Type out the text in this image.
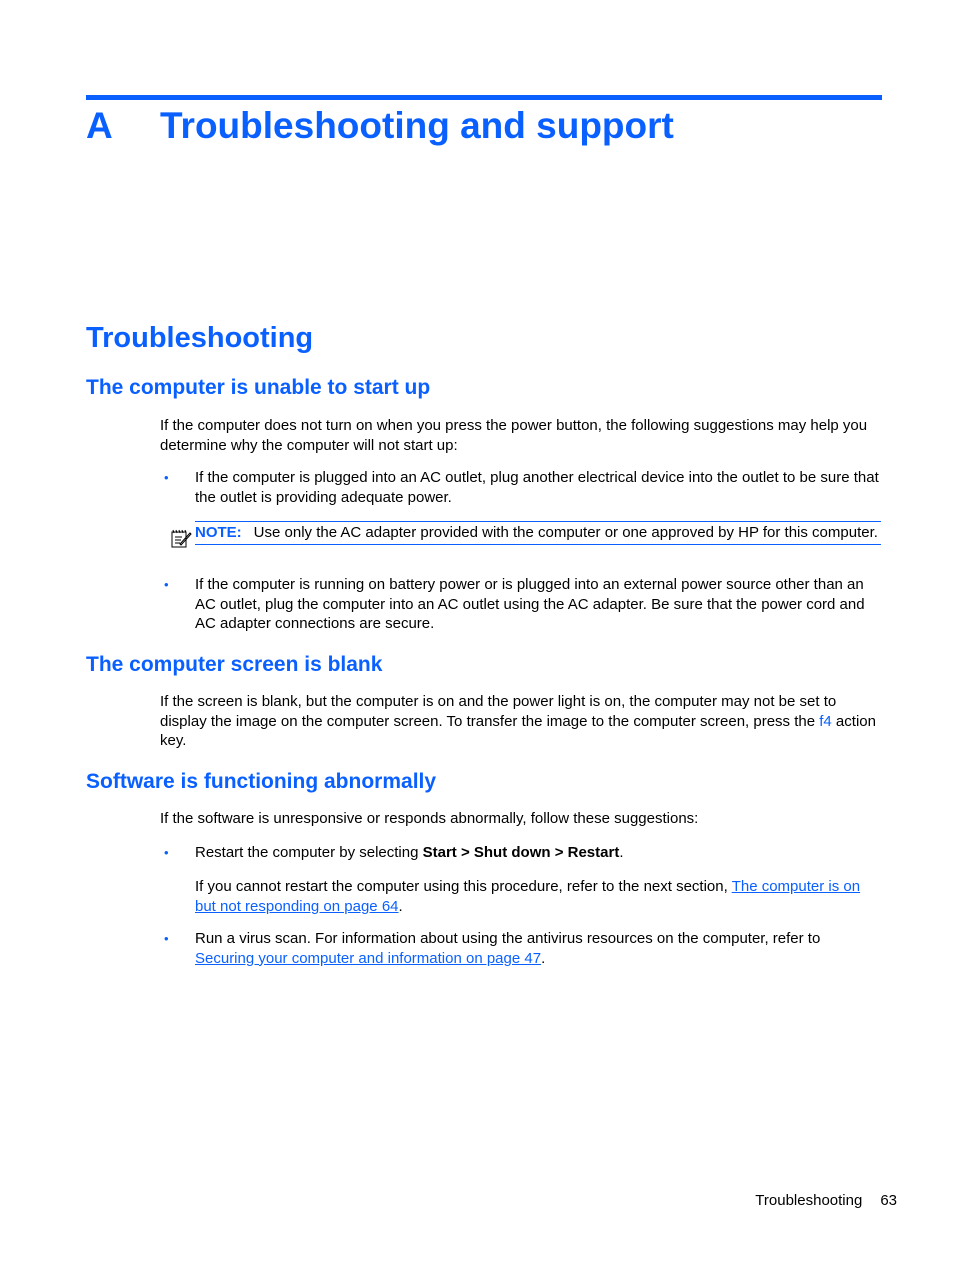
A Troubleshooting and support
Troubleshooting
The computer is unable to start up
If the computer does not turn on when you press the power button, the following suggestions may help you determine why the computer will not start up:
• If the computer is plugged into an AC outlet, plug another electrical device into the outlet to be sure that the outlet is providing adequate power.
NOTE: Use only the AC adapter provided with the computer or one approved by HP for this computer.
• If the computer is running on battery power or is plugged into an external power source other than an AC outlet, plug the computer into an AC outlet using the AC adapter. Be sure that the power cord and AC adapter connections are secure.
The computer screen is blank
If the screen is blank, but the computer is on and the power light is on, the computer may not be set to display the image on the computer screen. To transfer the image to the computer screen, press the f4 action key.
Software is functioning abnormally
If the software is unresponsive or responds abnormally, follow these suggestions:
• Restart the computer by selecting Start > Shut down > Restart.
If you cannot restart the computer using this procedure, refer to the next section, The computer is on but not responding on page 64.
• Run a virus scan. For information about using the antivirus resources on the computer, refer to Securing your computer and information on page 47.
Troubleshooting 63
